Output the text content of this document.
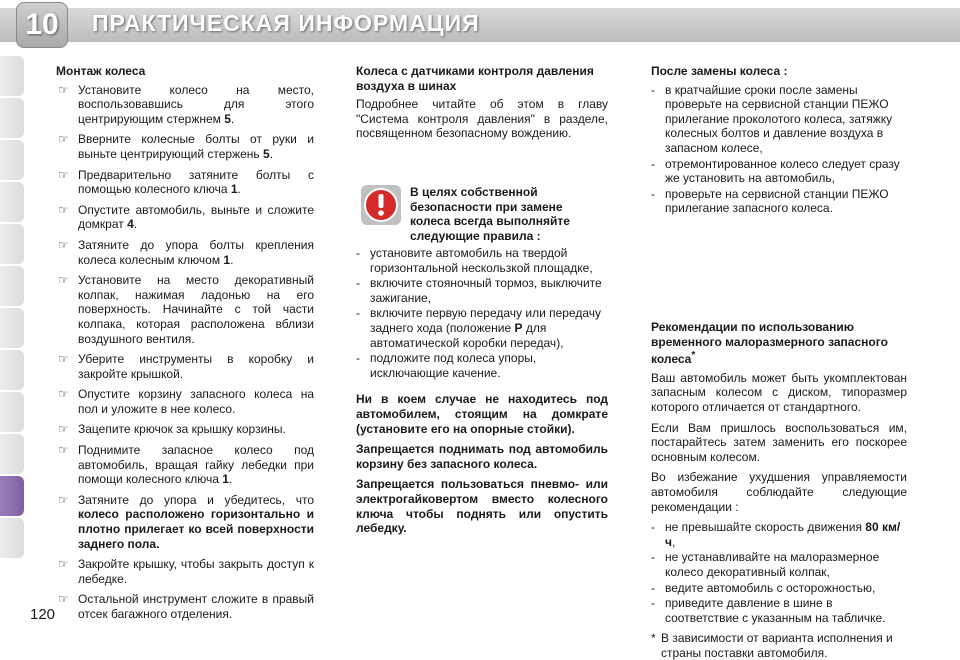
10	ПРАКТИЧЕСКАЯ ИНФОРМАЦИЯ
Монтаж колеса
☞ Установите колесо на место, воспользовавшись для этого центрирующим стержнем 5.
☞ Вверните колесные болты от руки и выньте центрирующий стержень 5.
☞ Предварительно затяните болты с помощью колесного ключа 1.
☞ Опустите автомобиль, выньте и сложите домкрат 4.
☞ Затяните до упора болты крепления колеса колесным ключом 1.
☞ Установите на место декоративный колпак, нажимая ладонью на его поверхность. Начинайте с той части колпака, которая расположена вблизи воздушного вентиля.
☞ Уберите инструменты в коробку и закройте крышкой.
☞ Опустите корзину запасного колеса на пол и уложите в нее колесо.
☞ Зацепите крючок за крышку корзины.
☞ Поднимите запасное колесо под автомобиль, вращая гайку лебедки при помощи колесного ключа 1.
☞ Затяните до упора и убедитесь, что колесо расположено горизонтально и плотно прилегает ко всей поверхности заднего пола.
☞ Закройте крышку, чтобы закрыть доступ к лебедке.
☞ Остальной инструмент сложите в правый отсек багажного отделения.
Колеса с датчиками контроля давления воздуха в шинах
Подробнее читайте об этом в главу "Система контроля давления" в разделе, посвященном безопасному вождению.
В целях собственной безопасности при замене колеса всегда выполняйте следующие правила :
- установите автомобиль на твердой горизонтальной нескользкой площадке,
- включите стояночный тормоз, выключите зажигание,
- включите первую передачу или передачу заднего хода (положение P для автоматической коробки передач),
- подложите под колеса упоры, исключающие качение.
Ни в коем случае не находитесь под автомобилем, стоящим на домкрате (установите его на опорные стойки).
Запрещается поднимать под автомобиль корзину без запасного колеса.
Запрещается пользоваться пневмо- или электрогайковертом вместо колесного ключа чтобы поднять или опустить лебедку.
После замены колеса :
- в кратчайшие сроки после замены проверьте на сервисной станции ПЕЖО прилегание проколотого колеса, затяжку колесных болтов и давление воздуха в запасном колесе,
- отремонтированное колесо следует сразу же установить на автомобиль,
- проверьте на сервисной станции ПЕЖО прилегание запасного колеса.
Рекомендации по использованию временного малоразмерного запасного колеса*
Ваш автомобиль может быть укомплектован запасным колесом с диском, типоразмер которого отличается от стандартного.
Если Вам пришлось воспользоваться им, постарайтесь затем заменить его поскорее основным колесом.
Во избежание ухудшения управляемости автомобиля соблюдайте следующие рекомендации :
- не превышайте скорость движения 80 км/ч,
- не устанавливайте на малоразмерное колесо декоративный колпак,
- ведите автомобиль с осторожностью,
- приведите давление в шине в соответствие с указанным на табличке.
* В зависимости от варианта исполнения и страны поставки автомобиля.
120
